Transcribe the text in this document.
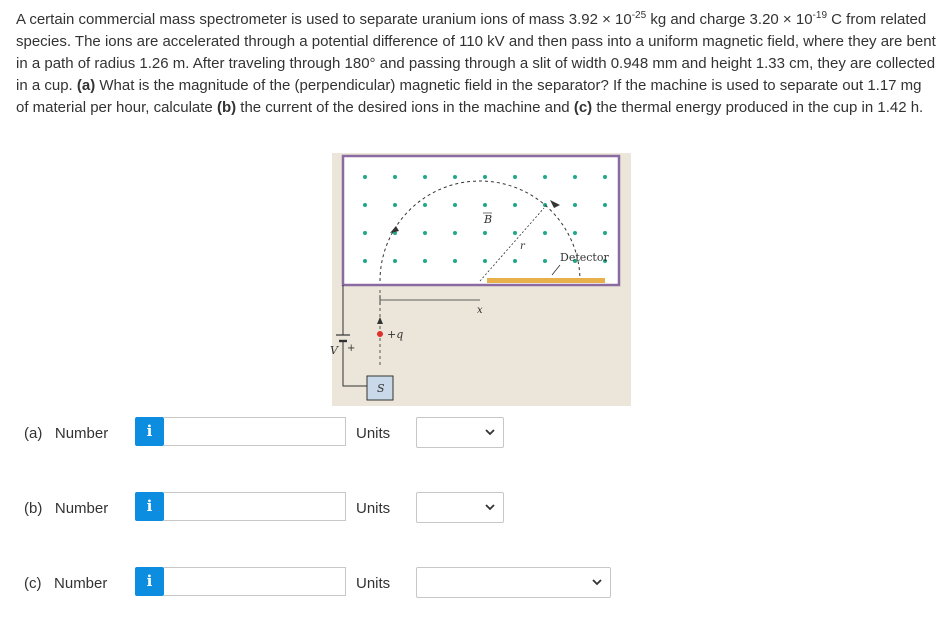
A certain commercial mass spectrometer is used to separate uranium ions of mass $3.92 \times 10^{-25}$ kg and charge $3.20 \times 10^{-19}$ C from related species. The ions are accelerated through a potential difference of 110 kV and then pass into a uniform magnetic field, where they are bent in a path of radius 1.26 m. After traveling through 180° and passing through a slit of width 0.948 mm and height 1.33 cm, they are collected in a cup. (a) What is the magnitude of the (perpendicular) magnetic field in the separator? If the machine is used to separate out 1.17 mg of material per hour, calculate (b) the current of the desired ions in the machine and (c) the thermal energy produced in the cup in 1.42 h.
B
r
Detector
x
V +
+q
S
(a) Number	i	Units
(b) Number	i	Units
(c) Number	i	Units
